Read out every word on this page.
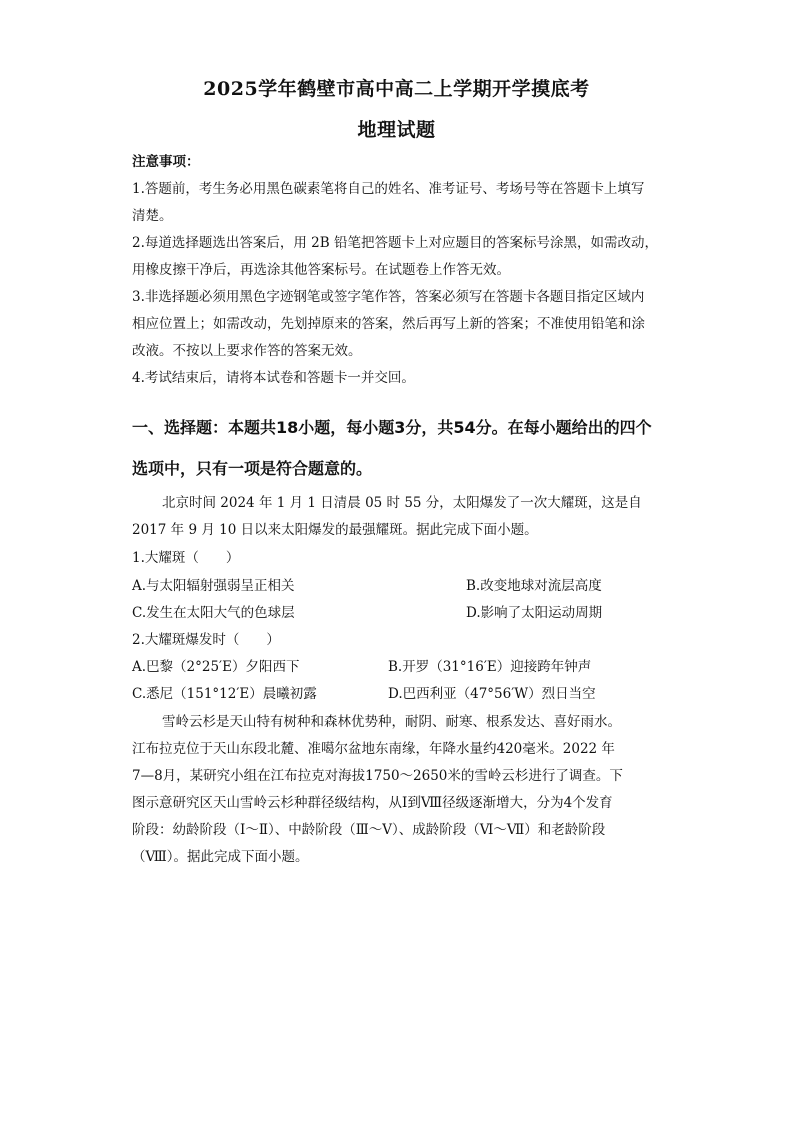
2025学年鹤壁市高中高二上学期开学摸底考
地理试题
注意事项：
1.答题前，考生务必用黑色碳素笔将自己的姓名、准考证号、考场号等在答题卡上填写
清楚。
2.每道选择题选出答案后，用 2B 铅笔把答题卡上对应题目的答案标号涂黑，如需改动，
用橡皮擦干净后，再选涂其他答案标号。在试题卷上作答无效。
3.非选择题必须用黑色字迹钢笔或签字笔作答，答案必须写在答题卡各题目指定区域内
相应位置上；如需改动，先划掉原来的答案，然后再写上新的答案；不准使用铅笔和涂
改液。不按以上要求作答的答案无效。
4.考试结束后，请将本试卷和答题卡一并交回。
一、选择题：本题共18小题，每小题3分，共54分。在每小题给出的四个
选项中，只有一项是符合题意的。
北京时间 2024 年 1 月 1 日清晨 05 时 55 分，太阳爆发了一次大耀斑，这是自
2017 年 9 月 10 日以来太阳爆发的最强耀斑。据此完成下面小题。
1.大耀斑（　　）
A.与太阳辐射强弱呈正相关	B.改变地球对流层高度
C.发生在太阳大气的色球层	D.影响了太阳运动周期
2.大耀斑爆发时（　　）
A.巴黎（2°25′E）夕阳西下	B.开罗（31°16′E）迎接跨年钟声
C.悉尼（151°12′E）晨曦初露	D.巴西利亚（47°56′W）烈日当空
雪岭云杉是天山特有树种和森林优势种，耐阴、耐寒、根系发达、喜好雨水。
江布拉克位于天山东段北麓、准噶尔盆地东南缘，年降水量约420毫米。2022 年
7—8月，某研究小组在江布拉克对海拔1750～2650米的雪岭云杉进行了调查。下
图示意研究区天山雪岭云杉种群径级结构，从Ⅰ到Ⅷ径级逐渐增大，分为4个发育
阶段：幼龄阶段（Ⅰ～Ⅱ）、中龄阶段（Ⅲ～Ⅴ）、成龄阶段（Ⅵ～Ⅶ）和老龄阶段
（Ⅷ）。据此完成下面小题。
